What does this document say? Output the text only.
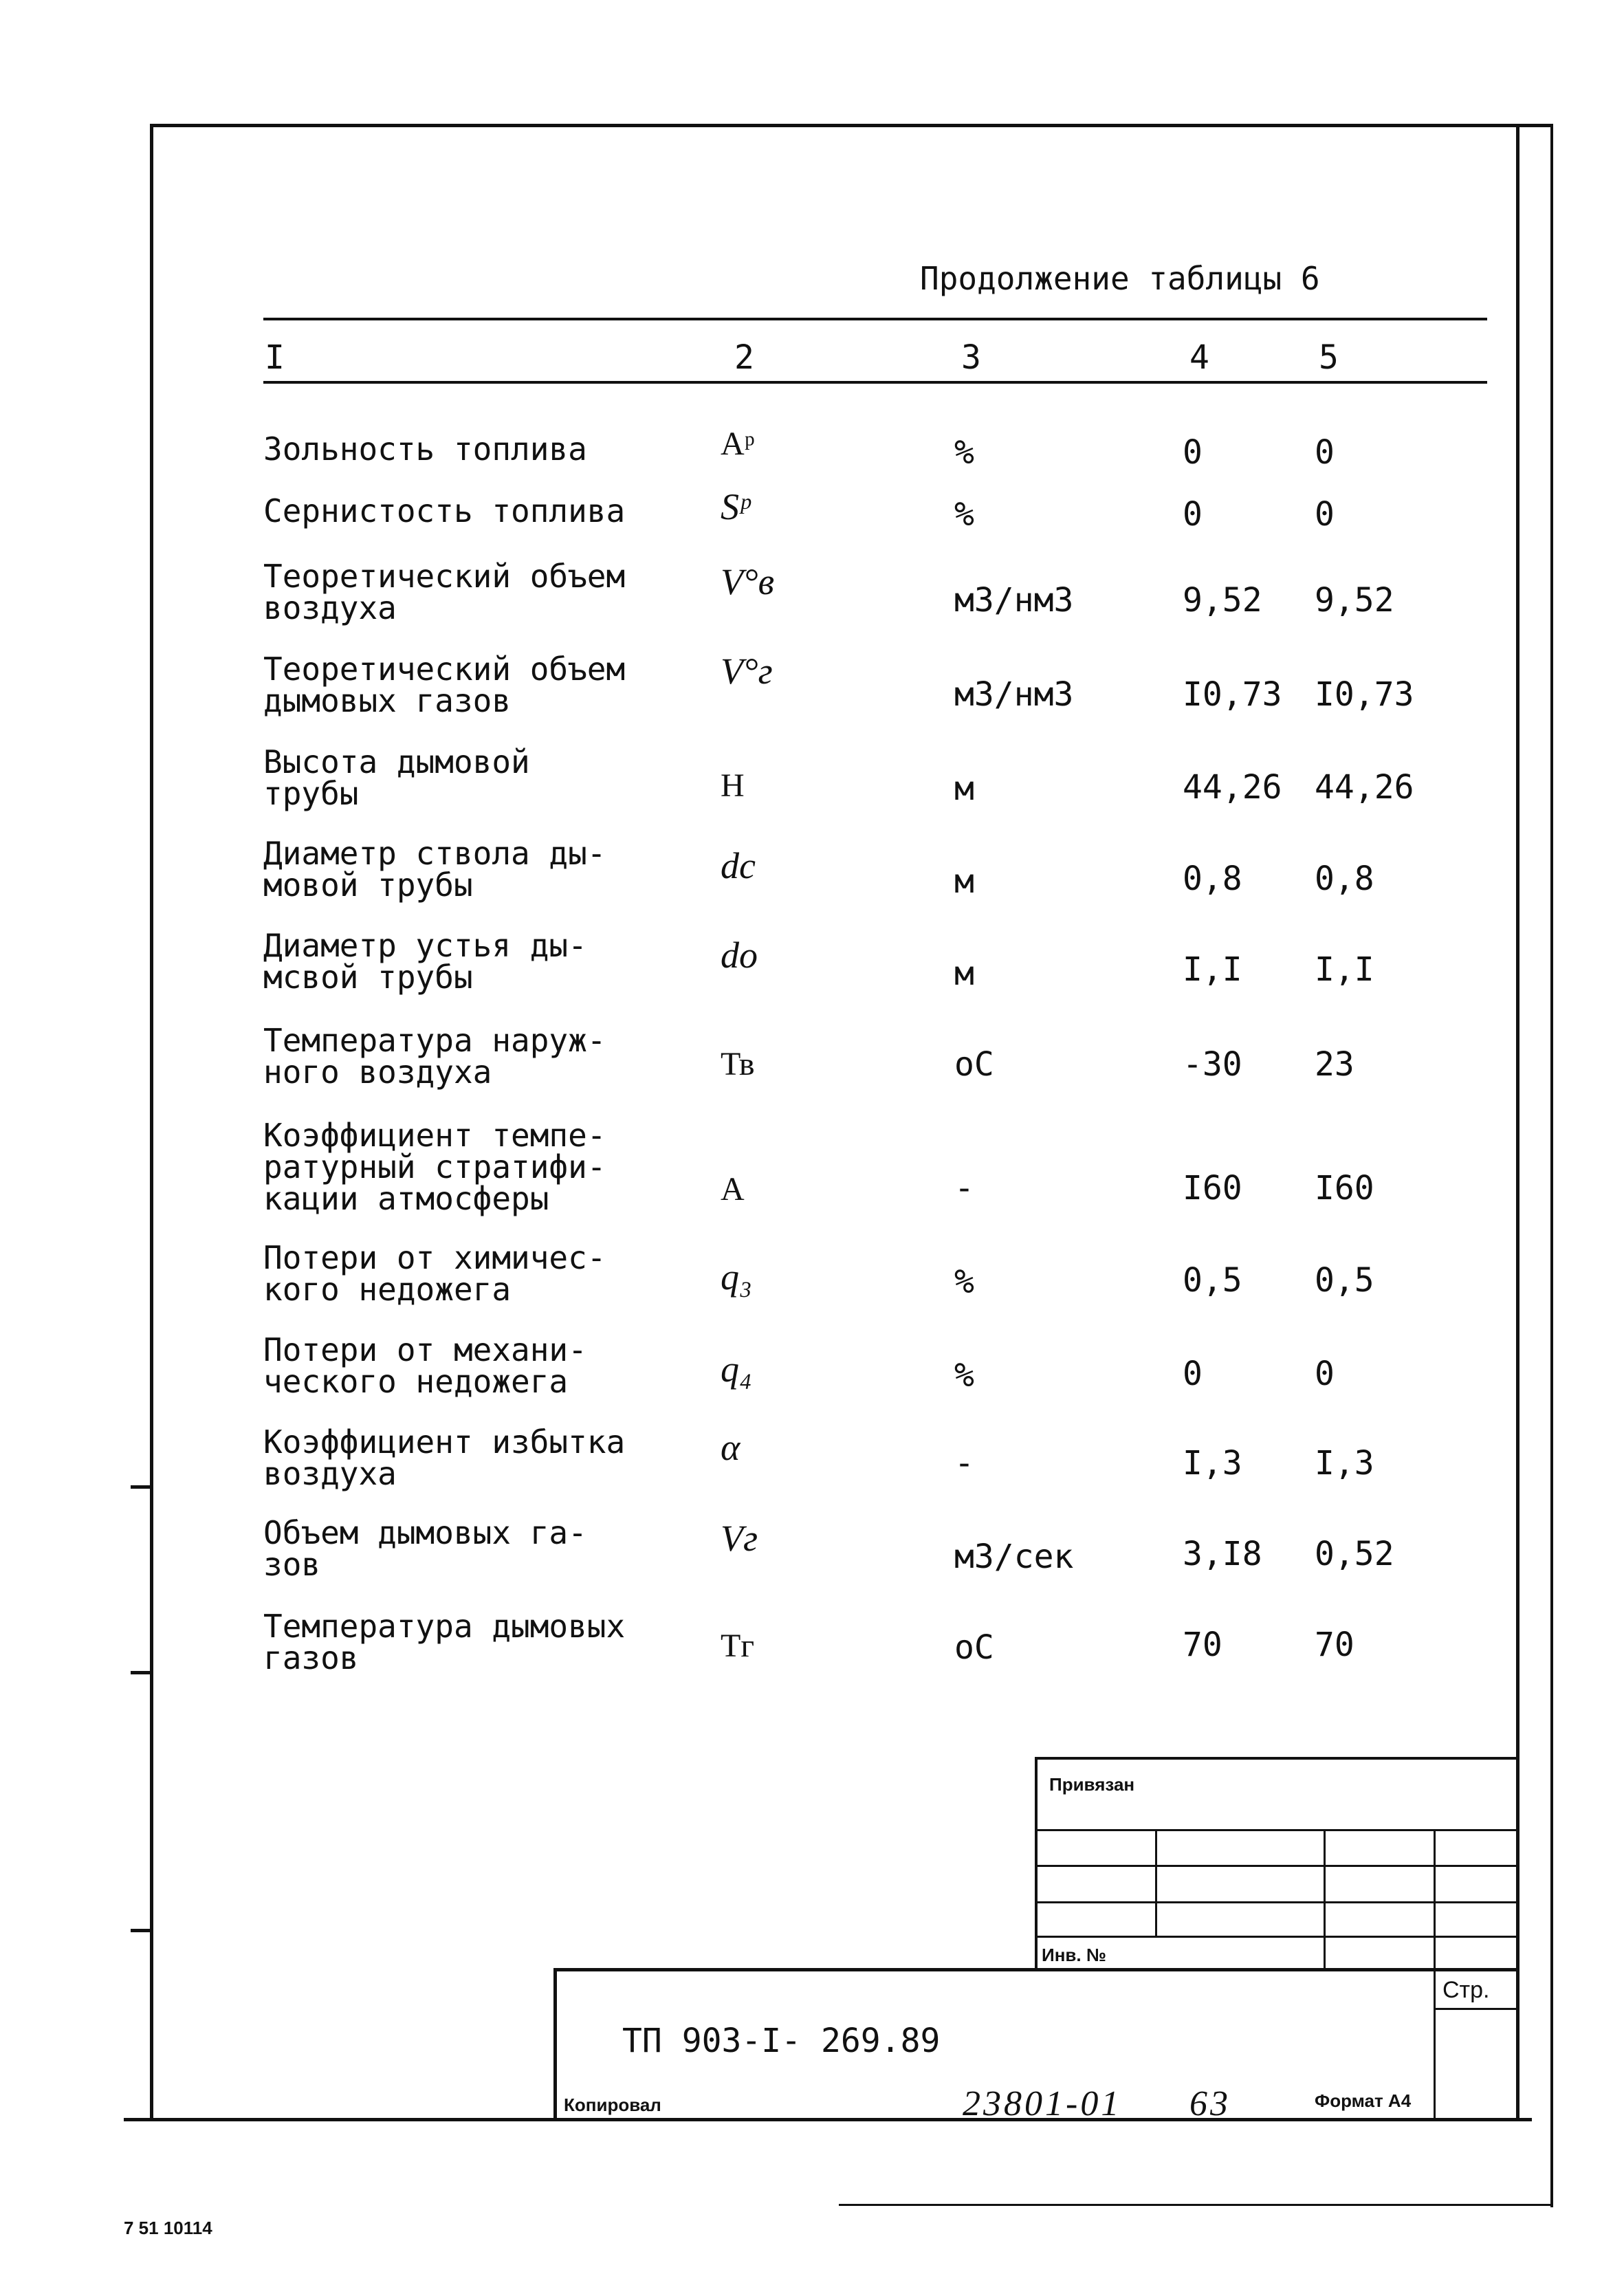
Продолжение таблицы 6
I	2	3	4	5
Зольность топлива	Aᵖ	%	0	0
Сернистость топлива	Sᵖ	%	0	0
Теоретический объем
воздуха
V°в	м3/нм3	9,52 9,52
Теоретический объем
дымовых газов
V°г
м3/нм3	I0,73 I0,73
Высота дымовой
трубы	H	м	44,26 44,26
Диаметр ствола ды-
мовой трубы	dс	м	0,8 0,8
Диаметр устья ды-
мсвой трубы
dо	м	I,I I,I
Температура наруж-
ного воздуха	Тв	оС	-30 23
Коэффициент темпе-
ратурный стратифи-
кации атмосферы	А	-	I60 I60
Потери от химичес-
кого недожега	q₃	%	0,5 0,5
Потери от механи-
ческого недожега	q₄	%	0	0
Коэффициент избытка
воздуха
α	-	I,3 I,3
Объем дымовых га-
зов
Vг	м3/сек	3,I8 0,52
Температура дымовых
газов	Тг	оС	70	70
Привязан
Инв. №
Стр.
ТП 903-I- 269.89
Копировал	23801-01 63	Формат А4
7 51 10114
